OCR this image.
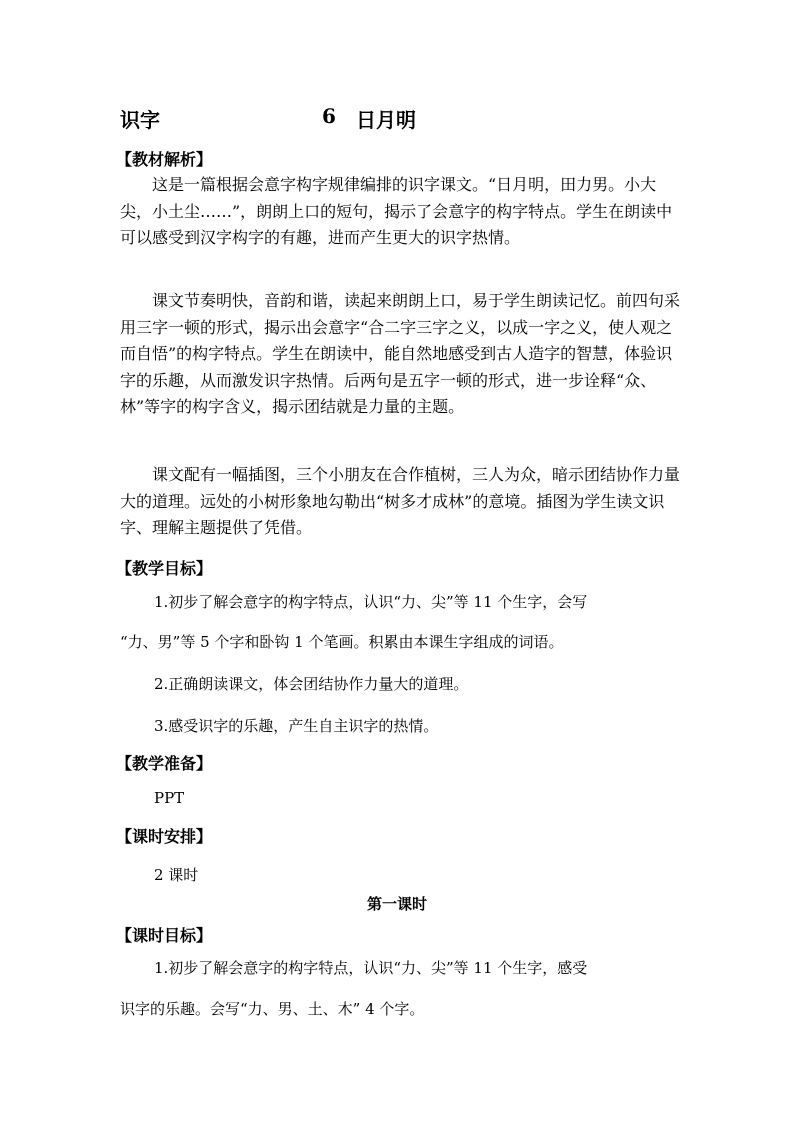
识字	6 日月明
【教材解析】

这是一篇根据会意字构字规律编排的识字课文。“日月明，田力男。小大尖，小土尘……”，朗朗上口的短句，揭示了会意字的构字特点。学生在朗读中可以感受到汉字构字的有趣，进而产生更大的识字热情。

课文节奏明快，音韵和谐，读起来朗朗上口，易于学生朗读记忆。前四句采用三字一顿的形式，揭示出会意字“合二字三字之义，以成一字之义，使人观之而自悟”的构字特点。学生在朗读中，能自然地感受到古人造字的智慧，体验识字的乐趣，从而激发识字热情。后两句是五字一顿的形式，进一步诠释“众、林”等字的构字含义，揭示团结就是力量的主题。

课文配有一幅插图，三个小朋友在合作植树，三人为众，暗示团结协作力量大的道理。远处的小树形象地勾勒出“树多才成林”的意境。插图为学生读文识字、理解主题提供了凭借。

【教学目标】
1.初步了解会意字的构字特点，认识“力、尖”等 11 个生字，会写
“力、男”等 5 个字和卧钩 1 个笔画。积累由本课生字组成的词语。
2.正确朗读课文，体会团结协作力量大的道理。
3.感受识字的乐趣，产生自主识字的热情。
【教学准备】
PPT
【课时安排】
2 课时
第一课时
【课时目标】
1.初步了解会意字的构字特点，认识“力、尖”等 11 个生字，感受
识字的乐趣。会写“力、男、土、木” 4 个字。
